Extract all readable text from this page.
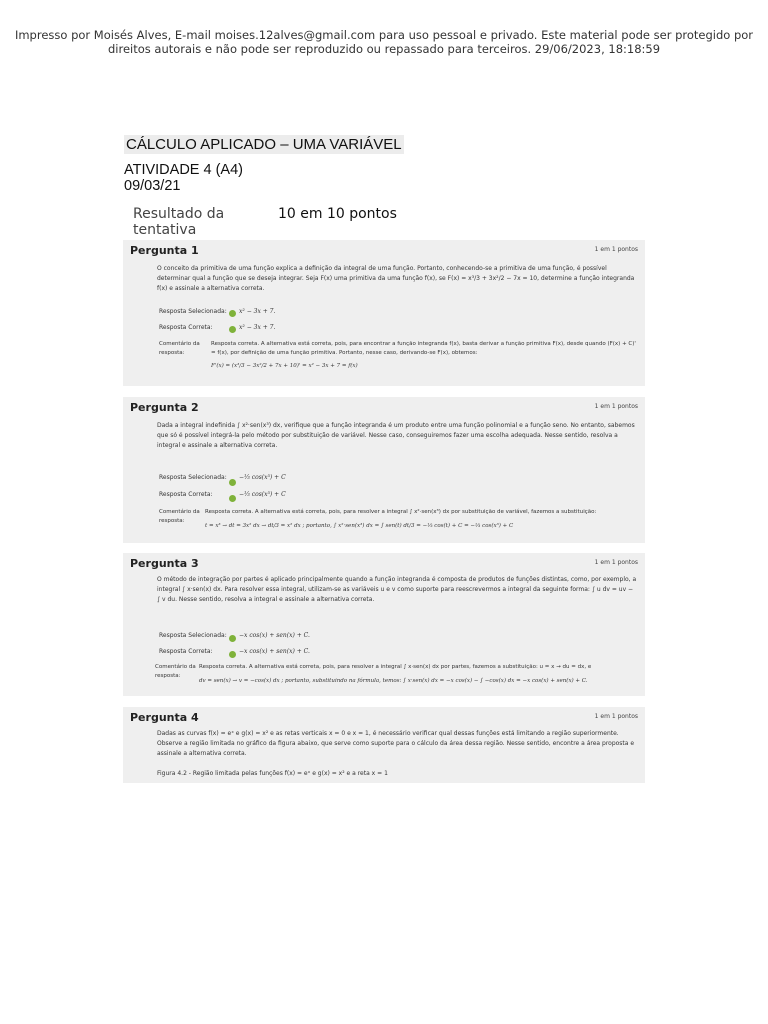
Impresso por Moisés Alves, E-mail moises.12alves@gmail.com para uso pessoal e privado. Este material pode ser protegido por direitos autorais e não pode ser reproduzido ou repassado para terceiros. 29/06/2023, 18:18:59
CÁLCULO APLICADO – UMA VARIÁVEL
ATIVIDADE 4 (A4)
09/03/21
Resultado da tentativa
10 em 10 pontos
Pergunta 1	1 em 1 pontos
O conceito da primitiva de uma função explica a definição da integral de uma função. Portanto, conhecendo-se a primitiva de uma função, é possível determinar qual a função que se deseja integrar. Seja F(x) uma primitiva da uma função f(x), se F(x) = x³/3 + 3x²/2 − 7x = 10, determine a função integranda f(x) e assinale a alternativa correta.
Resposta Selecionada: x² − 3x + 7.
Resposta Correta:	x² − 3x + 7.
Comentário da resposta:
Resposta correta. A alternativa está correta, pois, para encontrar a função integranda f(x), basta derivar a função primitiva F(x), desde quando (F(x) + C)' = f(x), por definição de uma função primitiva. Portanto, nesse caso, derivando-se F(x), obtemos:
F'(x) = (x³/3 − 3x²/2 + 7x + 10)' = x² − 3x + 7 = f(x)
Pergunta 2	1 em 1 pontos
Dada a integral indefinida ∫ x²·sen(x³) dx, verifique que a função integranda é um produto entre uma função polinomial e a função seno. No entanto, sabemos que só é possível integrá-la pelo método por substituição de variável. Nesse caso, conseguiremos fazer uma escolha adequada. Nesse sentido, resolva a integral e assinale a alternativa correta.
Resposta Selecionada: −⅓ cos(x³) + C
Resposta Correta:	−⅓ cos(x³) + C
Comentário da resposta:
Resposta correta. A alternativa está correta, pois, para resolver a integral ∫ x²·sen(x³) dx por substituição de variável, fazemos a substituição:
t = x³ → dt = 3x² dx → dt/3 = x² dx ; portanto, ∫ x²·sen(x³) dx = ∫ sen(t) dt/3 = −⅓ cos(t) + C = −⅓ cos(x³) + C
Pergunta 3	1 em 1 pontos
O método de integração por partes é aplicado principalmente quando a função integranda é composta de produtos de funções distintas, como, por exemplo, a integral ∫ x·sen(x) dx. Para resolver essa integral, utilizam-se as variáveis u e v como suporte para reescrevermos a integral da seguinte forma: ∫ u dv = uv − ∫ v du. Nesse sentido, resolva a integral e assinale a alternativa correta.
Resposta Selecionada: −x cos(x) + sen(x) + C.
Resposta Correta:	−x cos(x) + sen(x) + C.
Comentário da resposta:
Resposta correta. A alternativa está correta, pois, para resolver a integral ∫ x·sen(x) dx por partes, fazemos a substituição: u = x → du = dx, e
dv = sen(x) → v = −cos(x) dx ; portanto, substituindo na fórmula, temos: ∫ x·sen(x) dx = −x cos(x) − ∫ −cos(x) dx = −x cos(x) + sen(x) + C.
Pergunta 4	1 em 1 pontos
Dadas as curvas f(x) = eˣ e g(x) = x² e as retas verticais x = 0 e x = 1, é necessário verificar qual dessas funções está limitando a região superiormente. Observe a região limitada no gráfico da figura abaixo, que serve como suporte para o cálculo da área dessa região. Nesse sentido, encontre a área proposta e assinale a alternativa correta.
Figura 4.2 - Região limitada pelas funções f(x) = eˣ e g(x) = x² e a reta x = 1
